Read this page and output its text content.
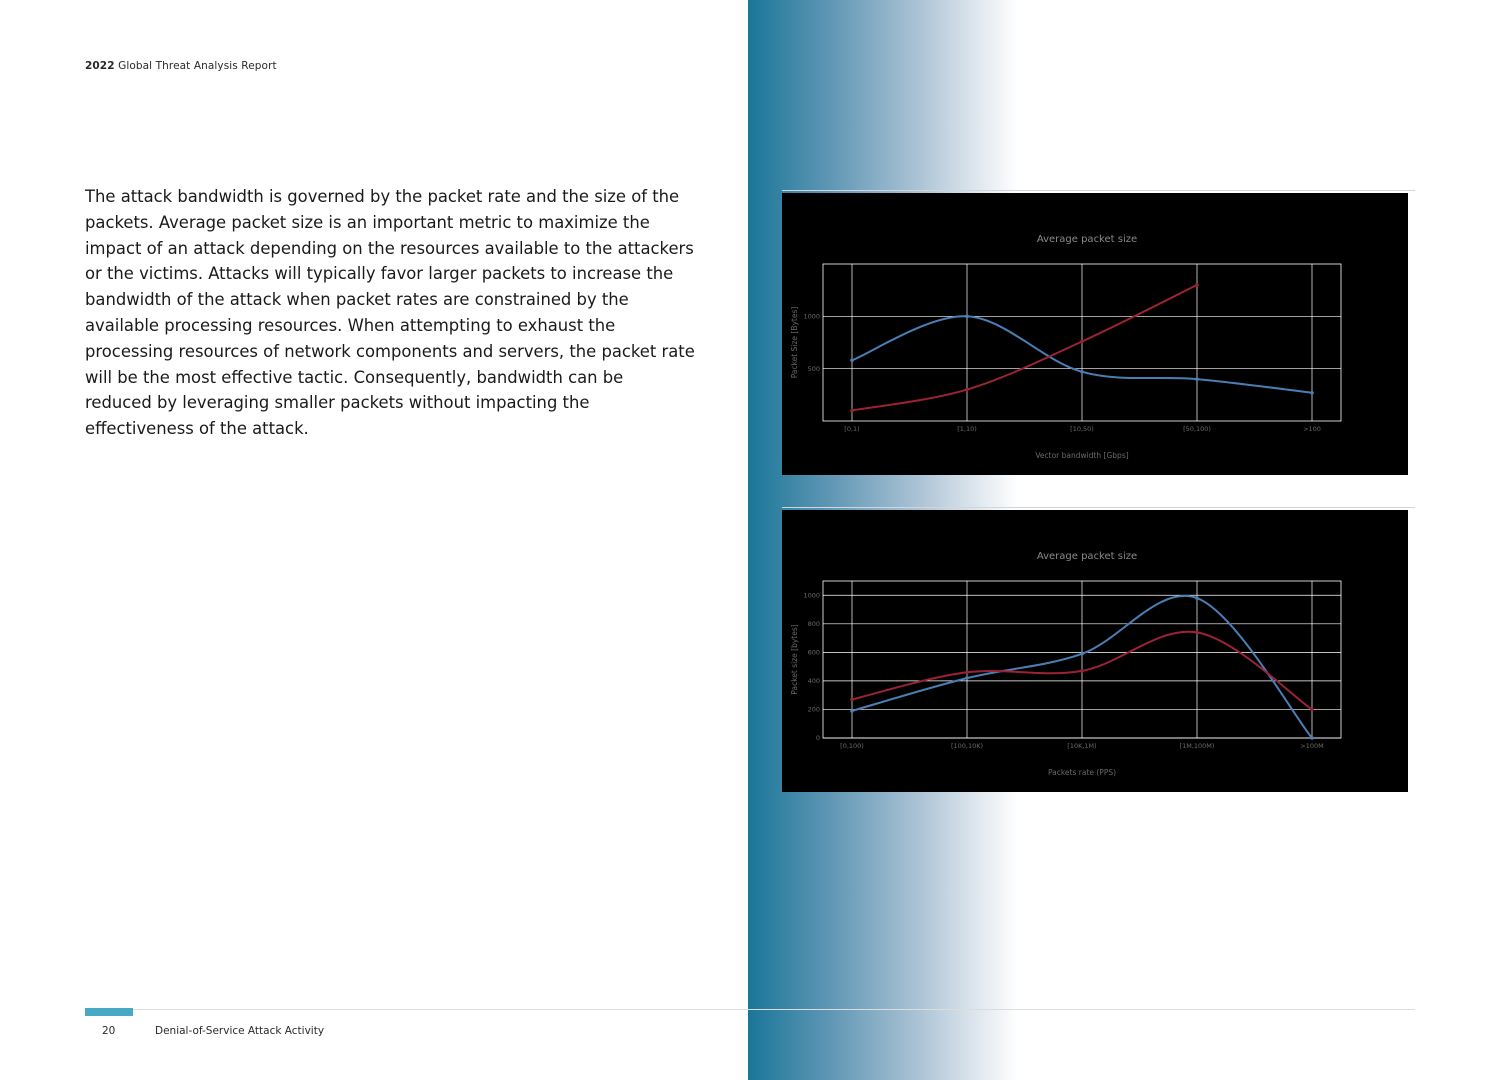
2022 Global Threat Analysis Report

The attack bandwidth is governed by the packet rate and the size of the packets. Average packet size is an important metric to maximize the impact of an attack depending on the resources available to the attackers or the victims. Attacks will typically favor larger packets to increase the bandwidth of the attack when packet rates are constrained by the available processing resources. When attempting to exhaust the processing resources of network components and servers, the packet rate will be the most effective tactic. Consequently, bandwidth can be reduced by leveraging smaller packets without impacting the effectiveness of the attack.

Average packet size
500
1000
[0,1)	[1,10)	[10,50)	[50,100)	>100
Vector bandwidth [Gbps]
Packet Size [Bytes]
Average packet size
0
200
400
600
800
1000
[0,100)	[100,10K)	[10K,1M)	[1M,100M)	>100M
Packets rate (PPS)
Packet size [bytes]
20	Denial-of-Service Attack Activity
